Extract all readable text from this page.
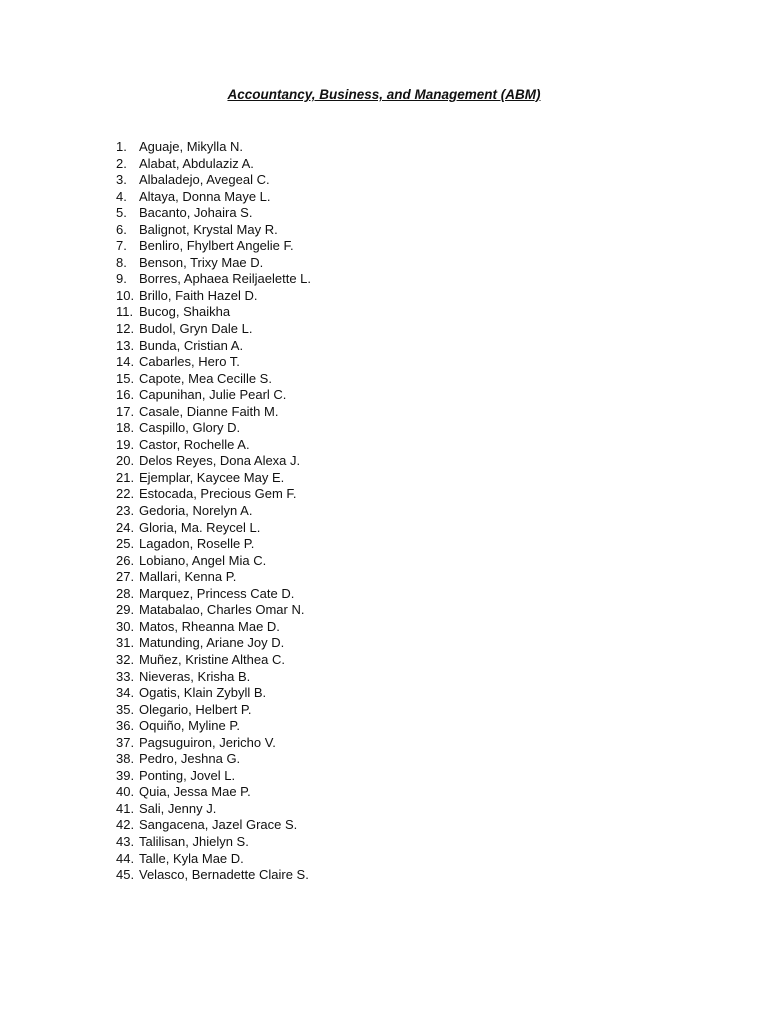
Accountancy, Business, and Management (ABM)
1. Aguaje, Mikylla N.
2. Alabat, Abdulaziz A.
3. Albaladejo, Avegeal C.
4. Altaya, Donna Maye L.
5. Bacanto, Johaira S.
6. Balignot, Krystal May R.
7. Benliro, Fhylbert Angelie F.
8. Benson, Trixy Mae D.
9. Borres, Aphaea Reiljaelette L.
10. Brillo, Faith Hazel D.
11. Bucog, Shaikha
12. Budol, Gryn Dale L.
13. Bunda, Cristian A.
14. Cabarles, Hero T.
15. Capote, Mea Cecille S.
16. Capunihan, Julie Pearl C.
17. Casale, Dianne Faith M.
18. Caspillo, Glory D.
19. Castor, Rochelle A.
20. Delos Reyes, Dona Alexa J.
21. Ejemplar, Kaycee May E.
22. Estocada, Precious Gem F.
23. Gedoria, Norelyn A.
24. Gloria, Ma. Reycel L.
25. Lagadon, Roselle P.
26. Lobiano, Angel Mia C.
27. Mallari, Kenna P.
28. Marquez, Princess Cate D.
29. Matabalao, Charles Omar N.
30. Matos, Rheanna Mae D.
31. Matunding, Ariane Joy D.
32. Muñez, Kristine Althea C.
33. Nieveras, Krisha B.
34. Ogatis, Klain Zybyll B.
35. Olegario, Helbert P.
36. Oquiño, Myline P.
37. Pagsuguiron, Jericho V.
38. Pedro, Jeshna G.
39. Ponting, Jovel L.
40. Quia, Jessa Mae P.
41. Sali, Jenny J.
42. Sangacena, Jazel Grace S.
43. Talilisan, Jhielyn S.
44. Talle, Kyla Mae D.
45. Velasco, Bernadette Claire S.
